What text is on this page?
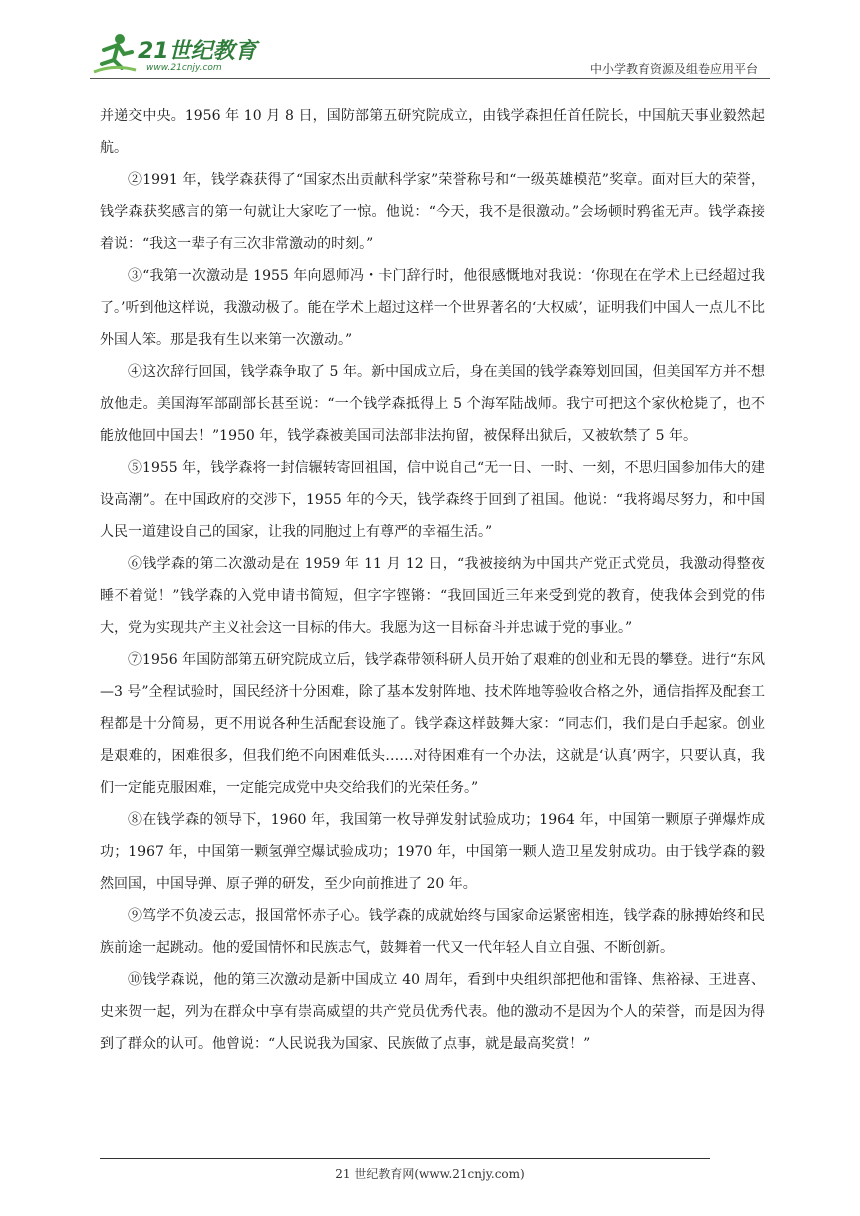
21世纪教育
www.21cnjy.com	中小学教育资源及组卷应用平台

并递交中央。1956 年 10 月 8 日，国防部第五研究院成立，由钱学森担任首任院长，中国航天事业毅然起航。

②1991 年，钱学森获得了“国家杰出贡献科学家”荣誉称号和“一级英雄模范”奖章。面对巨大的荣誉，钱学森获奖感言的第一句就让大家吃了一惊。他说：“今天，我不是很激动。”会场顿时鸦雀无声。钱学森接着说：“我这一辈子有三次非常激动的时刻。”

③“我第一次激动是 1955 年向恩师冯・卡门辞行时，他很感慨地对我说：‘你现在在学术上已经超过我了。’听到他这样说，我激动极了。能在学术上超过这样一个世界著名的‘大权威’，证明我们中国人一点儿不比外国人笨。那是我有生以来第一次激动。”

④这次辞行回国，钱学森争取了 5 年。新中国成立后，身在美国的钱学森筹划回国，但美国军方并不想放他走。美国海军部副部长甚至说：“一个钱学森抵得上 5 个海军陆战师。我宁可把这个家伙枪毙了，也不能放他回中国去！”1950 年，钱学森被美国司法部非法拘留，被保释出狱后，又被软禁了 5 年。

⑤1955 年，钱学森将一封信辗转寄回祖国，信中说自己“无一日、一时、一刻，不思归国参加伟大的建设高潮”。在中国政府的交涉下，1955 年的今天，钱学森终于回到了祖国。他说：“我将竭尽努力，和中国人民一道建设自己的国家，让我的同胞过上有尊严的幸福生活。”

⑥钱学森的第二次激动是在 1959 年 11 月 12 日，“我被接纳为中国共产党正式党员，我激动得整夜睡不着觉！”钱学森的入党申请书简短，但字字铿锵：“我回国近三年来受到党的教育，使我体会到党的伟大，党为实现共产主义社会这一目标的伟大。我愿为这一目标奋斗并忠诚于党的事业。”

⑦1956 年国防部第五研究院成立后，钱学森带领科研人员开始了艰难的创业和无畏的攀登。进行“东风—3 号”全程试验时，国民经济十分困难，除了基本发射阵地、技术阵地等验收合格之外，通信指挥及配套工程都是十分简易，更不用说各种生活配套设施了。钱学森这样鼓舞大家：“同志们，我们是白手起家。创业是艰难的，困难很多，但我们绝不向困难低头……对待困难有一个办法，这就是‘认真’两字，只要认真，我们一定能克服困难，一定能完成党中央交给我们的光荣任务。”

⑧在钱学森的领导下，1960 年，我国第一枚导弹发射试验成功；1964 年，中国第一颗原子弹爆炸成功；1967 年，中国第一颗氢弹空爆试验成功；1970 年，中国第一颗人造卫星发射成功。由于钱学森的毅然回国，中国导弹、原子弹的研发，至少向前推进了 20 年。

⑨笃学不负凌云志，报国常怀赤子心。钱学森的成就始终与国家命运紧密相连，钱学森的脉搏始终和民族前途一起跳动。他的爱国情怀和民族志气，鼓舞着一代又一代年轻人自立自强、不断创新。

⑩钱学森说，他的第三次激动是新中国成立 40 周年，看到中央组织部把他和雷锋、焦裕禄、王进喜、史来贺一起，列为在群众中享有崇高威望的共产党员优秀代表。他的激动不是因为个人的荣誉，而是因为得到了群众的认可。他曾说：“人民说我为国家、民族做了点事，就是最高奖赏！”

21 世纪教育网(www.21cnjy.com)
